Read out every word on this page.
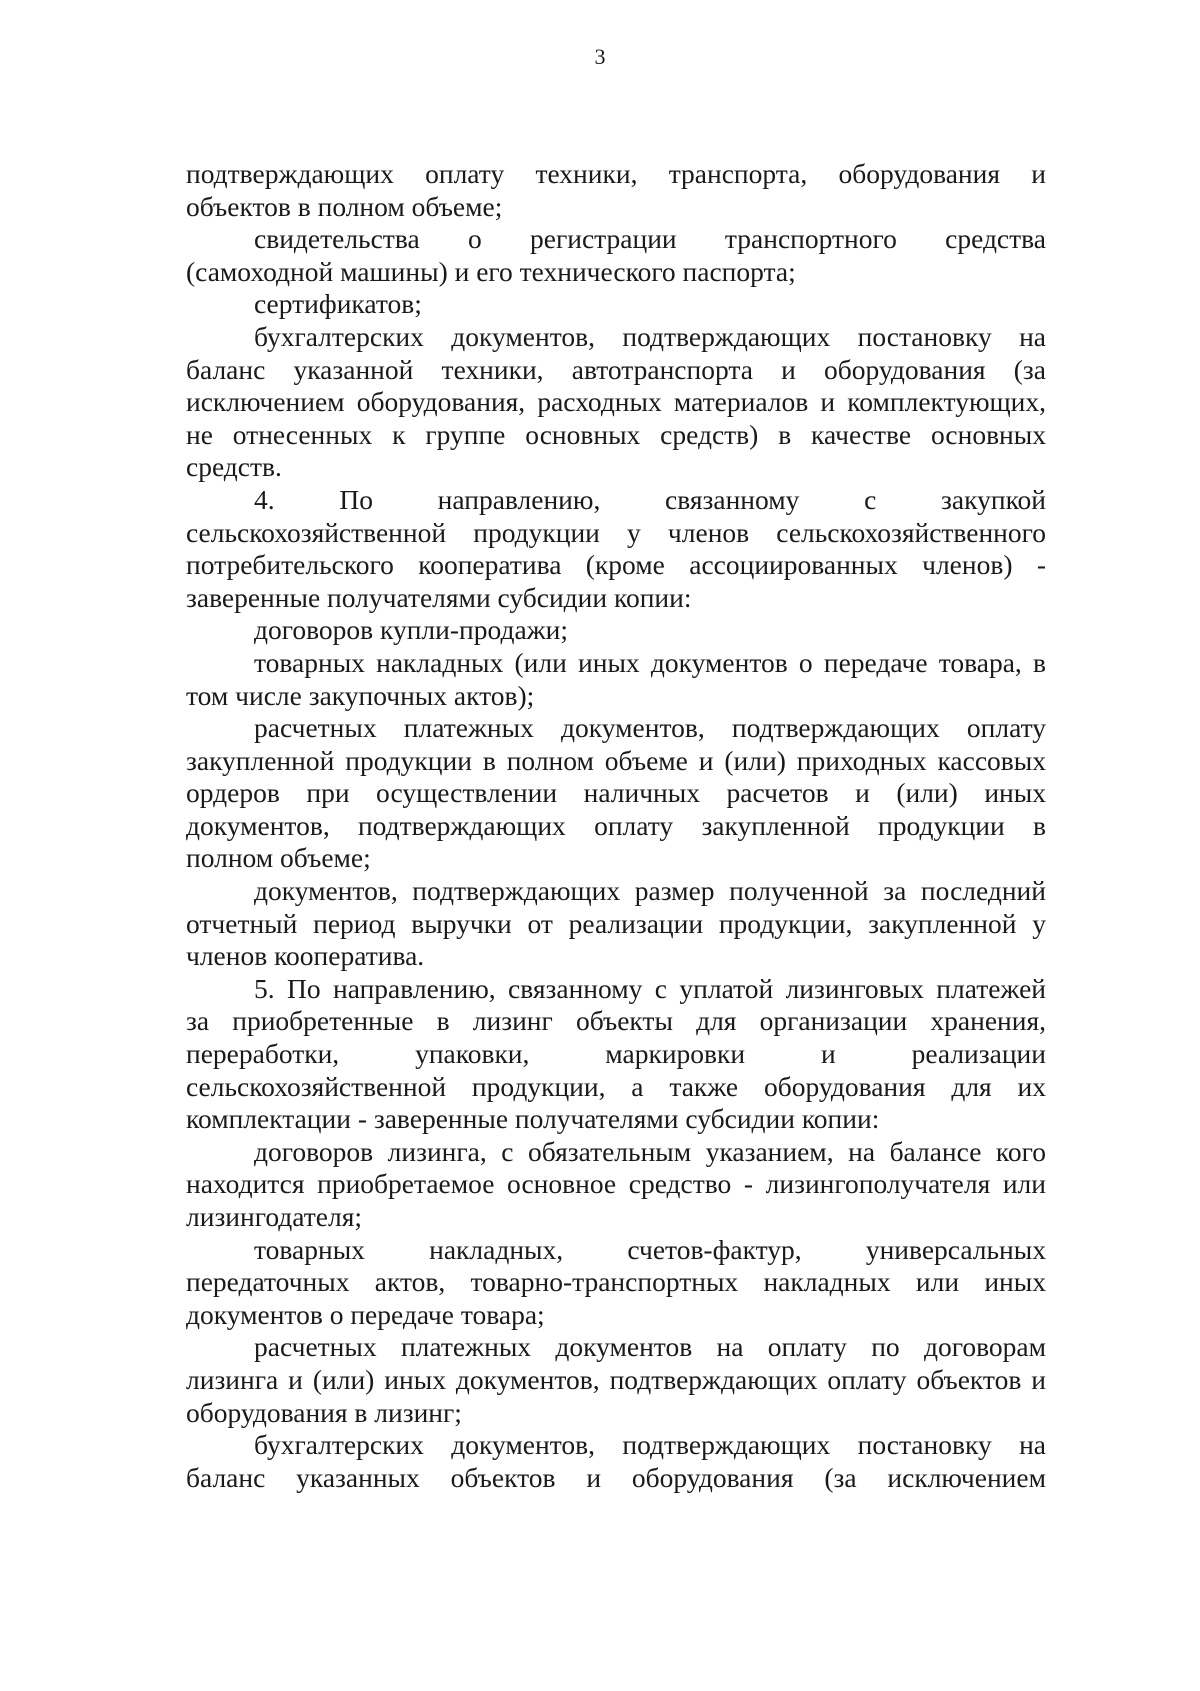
3
подтверждающих оплату техники, транспорта, оборудования и
объектов в полном объеме;
свидетельства о регистрации транспортного средства
(самоходной машины) и его технического паспорта;
сертификатов;
бухгалтерских документов, подтверждающих постановку на
баланс указанной техники, автотранспорта и оборудования (за
исключением оборудования, расходных материалов и комплектующих,
не отнесенных к группе основных средств) в качестве основных
средств.
4. По направлению, связанному с закупкой
сельскохозяйственной продукции у членов сельскохозяйственного
потребительского кооператива (кроме ассоциированных членов) -
заверенные получателями субсидии копии:
договоров купли-продажи;
товарных накладных (или иных документов о передаче товара, в
том числе закупочных актов);
расчетных платежных документов, подтверждающих оплату
закупленной продукции в полном объеме и (или) приходных кассовых
ордеров при осуществлении наличных расчетов и (или) иных
документов, подтверждающих оплату закупленной продукции в
полном объеме;
документов, подтверждающих размер полученной за последний
отчетный период выручки от реализации продукции, закупленной у
членов кооператива.
5. По направлению, связанному с уплатой лизинговых платежей
за приобретенные в лизинг объекты для организации хранения,
переработки, упаковки, маркировки и реализации
сельскохозяйственной продукции, а также оборудования для их
комплектации - заверенные получателями субсидии копии:
договоров лизинга, с обязательным указанием, на балансе кого
находится приобретаемое основное средство - лизингополучателя или
лизингодателя;
товарных накладных, счетов-фактур, универсальных
передаточных актов, товарно-транспортных накладных или иных
документов о передаче товара;
расчетных платежных документов на оплату по договорам
лизинга и (или) иных документов, подтверждающих оплату объектов и
оборудования в лизинг;
бухгалтерских документов, подтверждающих постановку на
баланс указанных объектов и оборудования (за исключением
